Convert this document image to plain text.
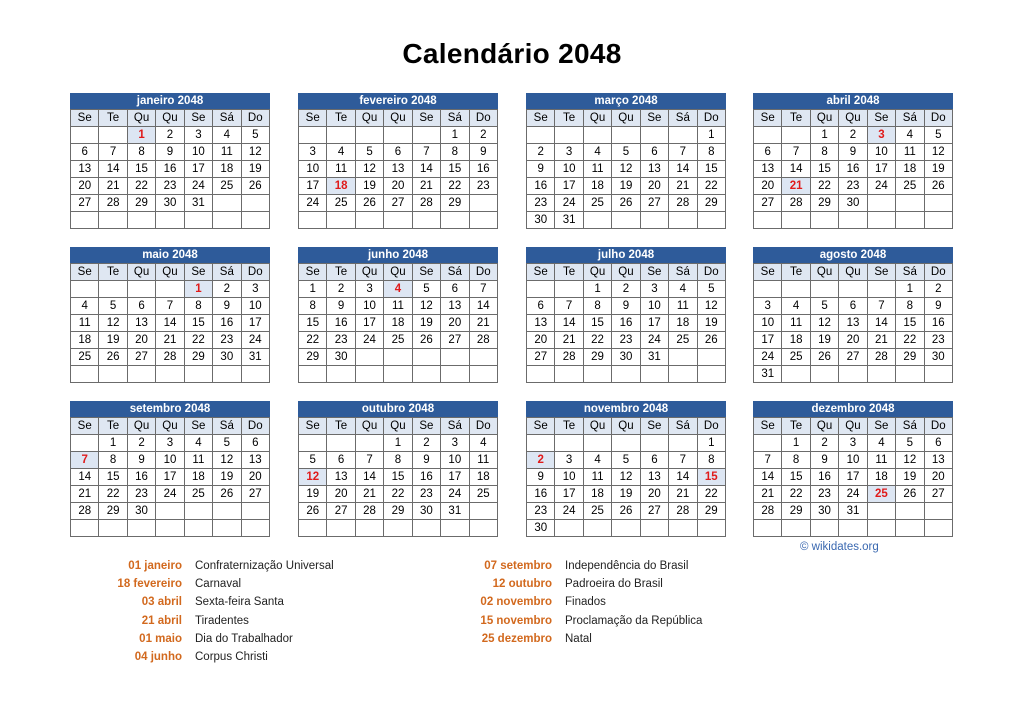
Calendário 2048
janeiro 2048
Se	Te	Qu	Qu	Se	Sá	Do
		1	2	3	4	5
6	7	8	9	10	11	12
13	14	15	16	17	18	19
20	21	22	23	24	25	26
27	28	29	30	31		

fevereiro 2048
Se	Te	Qu	Qu	Se	Sá	Do
					1	2
3	4	5	6	7	8	9
10	11	12	13	14	15	16
17	18	19	20	21	22	23
24	25	26	27	28	29	

março 2048
Se	Te	Qu	Qu	Se	Sá	Do
						1
2	3	4	5	6	7	8
9	10	11	12	13	14	15
16	17	18	19	20	21	22
23	24	25	26	27	28	29
30	31					
abril 2048
Se	Te	Qu	Qu	Se	Sá	Do
		1	2	3	4	5
6	7	8	9	10	11	12
13	14	15	16	17	18	19
20	21	22	23	24	25	26
27	28	29	30			

maio 2048
Se	Te	Qu	Qu	Se	Sá	Do
				1	2	3
4	5	6	7	8	9	10
11	12	13	14	15	16	17
18	19	20	21	22	23	24
25	26	27	28	29	30	31

junho 2048
Se	Te	Qu	Qu	Se	Sá	Do
1	2	3	4	5	6	7
8	9	10	11	12	13	14
15	16	17	18	19	20	21
22	23	24	25	26	27	28
29	30					

julho 2048
Se	Te	Qu	Qu	Se	Sá	Do
		1	2	3	4	5
6	7	8	9	10	11	12
13	14	15	16	17	18	19
20	21	22	23	24	25	26
27	28	29	30	31		

agosto 2048
Se	Te	Qu	Qu	Se	Sá	Do
					1	2
3	4	5	6	7	8	9
10	11	12	13	14	15	16
17	18	19	20	21	22	23
24	25	26	27	28	29	30
31						
setembro 2048
Se	Te	Qu	Qu	Se	Sá	Do
	1	2	3	4	5	6
7	8	9	10	11	12	13
14	15	16	17	18	19	20
21	22	23	24	25	26	27
28	29	30				

outubro 2048
Se	Te	Qu	Qu	Se	Sá	Do
			1	2	3	4
5	6	7	8	9	10	11
12	13	14	15	16	17	18
19	20	21	22	23	24	25
26	27	28	29	30	31	

novembro 2048
Se	Te	Qu	Qu	Se	Sá	Do
						1
2	3	4	5	6	7	8
9	10	11	12	13	14	15
16	17	18	19	20	21	22
23	24	25	26	27	28	29
30						
dezembro 2048
Se	Te	Qu	Qu	Se	Sá	Do
	1	2	3	4	5	6
7	8	9	10	11	12	13
14	15	16	17	18	19	20
21	22	23	24	25	26	27
28	29	30	31			

© wikidates.org
01 janeiro Confraternização Universal
18 fevereiro Carnaval
03 abril Sexta-feira Santa
21 abril Tiradentes
01 maio Dia do Trabalhador
04 junho Corpus Christi
07 setembro Independência do Brasil
12 outubro Padroeira do Brasil
02 novembro Finados
15 novembro Proclamação da República
25 dezembro Natal
